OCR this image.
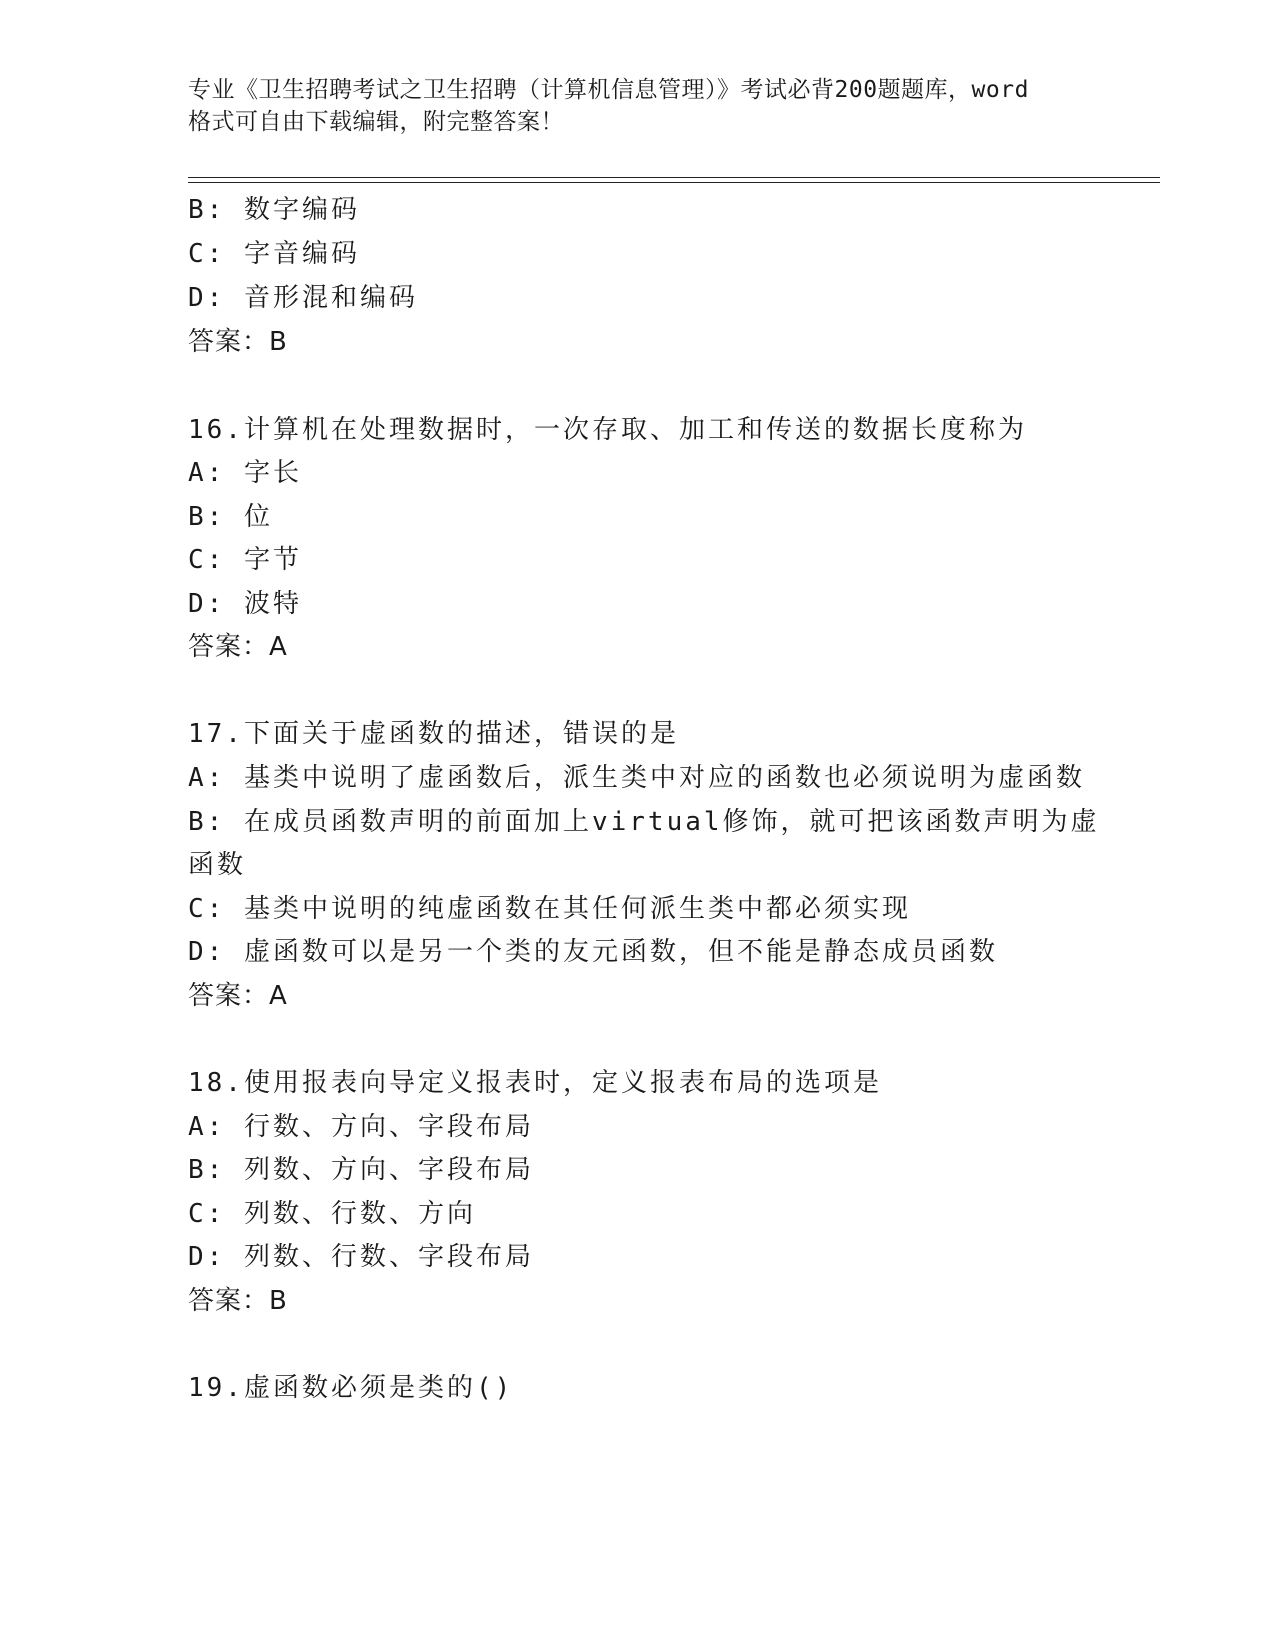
专业《卫生招聘考试之卫生招聘（计算机信息管理）》考试必背200题题库，word
格式可自由下载编辑，附完整答案！
B: 数字编码
C: 字音编码
D: 音形混和编码
答案：B
16.计算机在处理数据时，一次存取、加工和传送的数据长度称为
A: 字长
B: 位
C: 字节
D: 波特
答案：A
17.下面关于虚函数的描述，错误的是
A: 基类中说明了虚函数后，派生类中对应的函数也必须说明为虚函数
B: 在成员函数声明的前面加上virtual修饰，就可把该函数声明为虚
函数
C: 基类中说明的纯虚函数在其任何派生类中都必须实现
D: 虚函数可以是另一个类的友元函数，但不能是静态成员函数
答案：A
18.使用报表向导定义报表时，定义报表布局的选项是
A: 行数、方向、字段布局
B: 列数、方向、字段布局
C: 列数、行数、方向
D: 列数、行数、字段布局
答案：B
19.虚函数必须是类的()
